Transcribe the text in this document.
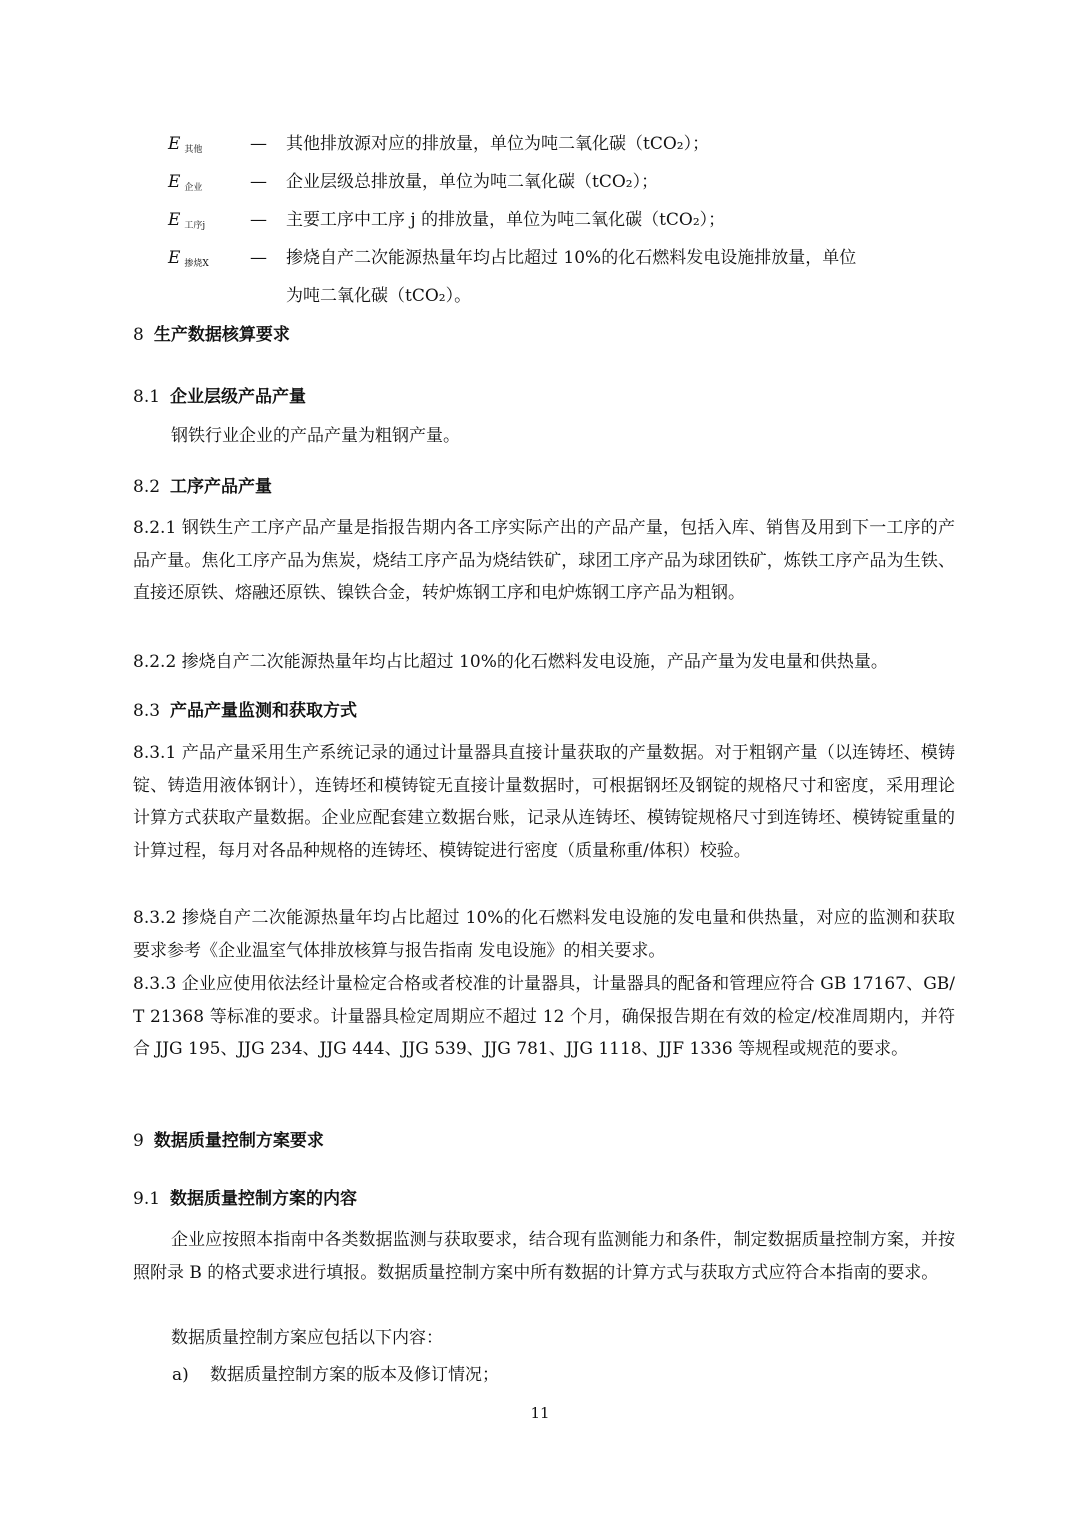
E $_{其他}$	—	其他排放源对应的排放量，单位为吨二氧化碳（tCO₂）；
E $_{企业}$	—	企业层级总排放量，单位为吨二氧化碳（tCO₂）；
E $_{工序j}$	—	主要工序中工序 j 的排放量，单位为吨二氧化碳（tCO₂）；
E $_{掺烧X}$	—	掺烧自产二次能源热量年均占比超过 10%的化石燃料发电设施排放量，单位
为吨二氧化碳（tCO₂）。
8 生产数据核算要求
8.1 企业层级产品产量
钢铁行业企业的产品产量为粗钢产量。
8.2 工序产品产量
8.2.1 钢铁生产工序产品产量是指报告期内各工序实际产出的产品产量，包括入库、销售及用到下一工序的产品产量。焦化工序产品为焦炭，烧结工序产品为烧结铁矿，球团工序产品为球团铁矿，炼铁工序产品为生铁、直接还原铁、熔融还原铁、镍铁合金，转炉炼钢工序和电炉炼钢工序产品为粗钢。
8.2.2 掺烧自产二次能源热量年均占比超过 10%的化石燃料发电设施，产品产量为发电量和供热量。
8.3 产品产量监测和获取方式
8.3.1 产品产量采用生产系统记录的通过计量器具直接计量获取的产量数据。对于粗钢产量（以连铸坯、模铸锭、铸造用液体钢计），连铸坯和模铸锭无直接计量数据时，可根据钢坯及钢锭的规格尺寸和密度，采用理论计算方式获取产量数据。企业应配套建立数据台账，记录从连铸坯、模铸锭规格尺寸到连铸坯、模铸锭重量的计算过程，每月对各品种规格的连铸坯、模铸锭进行密度（质量称重/体积）校验。
8.3.2 掺烧自产二次能源热量年均占比超过 10%的化石燃料发电设施的发电量和供热量，对应的监测和获取要求参考《企业温室气体排放核算与报告指南 发电设施》的相关要求。
8.3.3 企业应使用依法经计量检定合格或者校准的计量器具，计量器具的配备和管理应符合 GB 17167、GB/T 21368 等标准的要求。计量器具检定周期应不超过 12 个月，确保报告期在有效的检定/校准周期内，并符合 JJG 195、JJG 234、JJG 444、JJG 539、JJG 781、JJG 1118、JJF 1336 等规程或规范的要求。
9 数据质量控制方案要求
9.1 数据质量控制方案的内容
企业应按照本指南中各类数据监测与获取要求，结合现有监测能力和条件，制定数据质量控制方案，并按照附录 B 的格式要求进行填报。数据质量控制方案中所有数据的计算方式与获取方式应符合本指南的要求。
数据质量控制方案应包括以下内容：
a) 数据质量控制方案的版本及修订情况；
11
